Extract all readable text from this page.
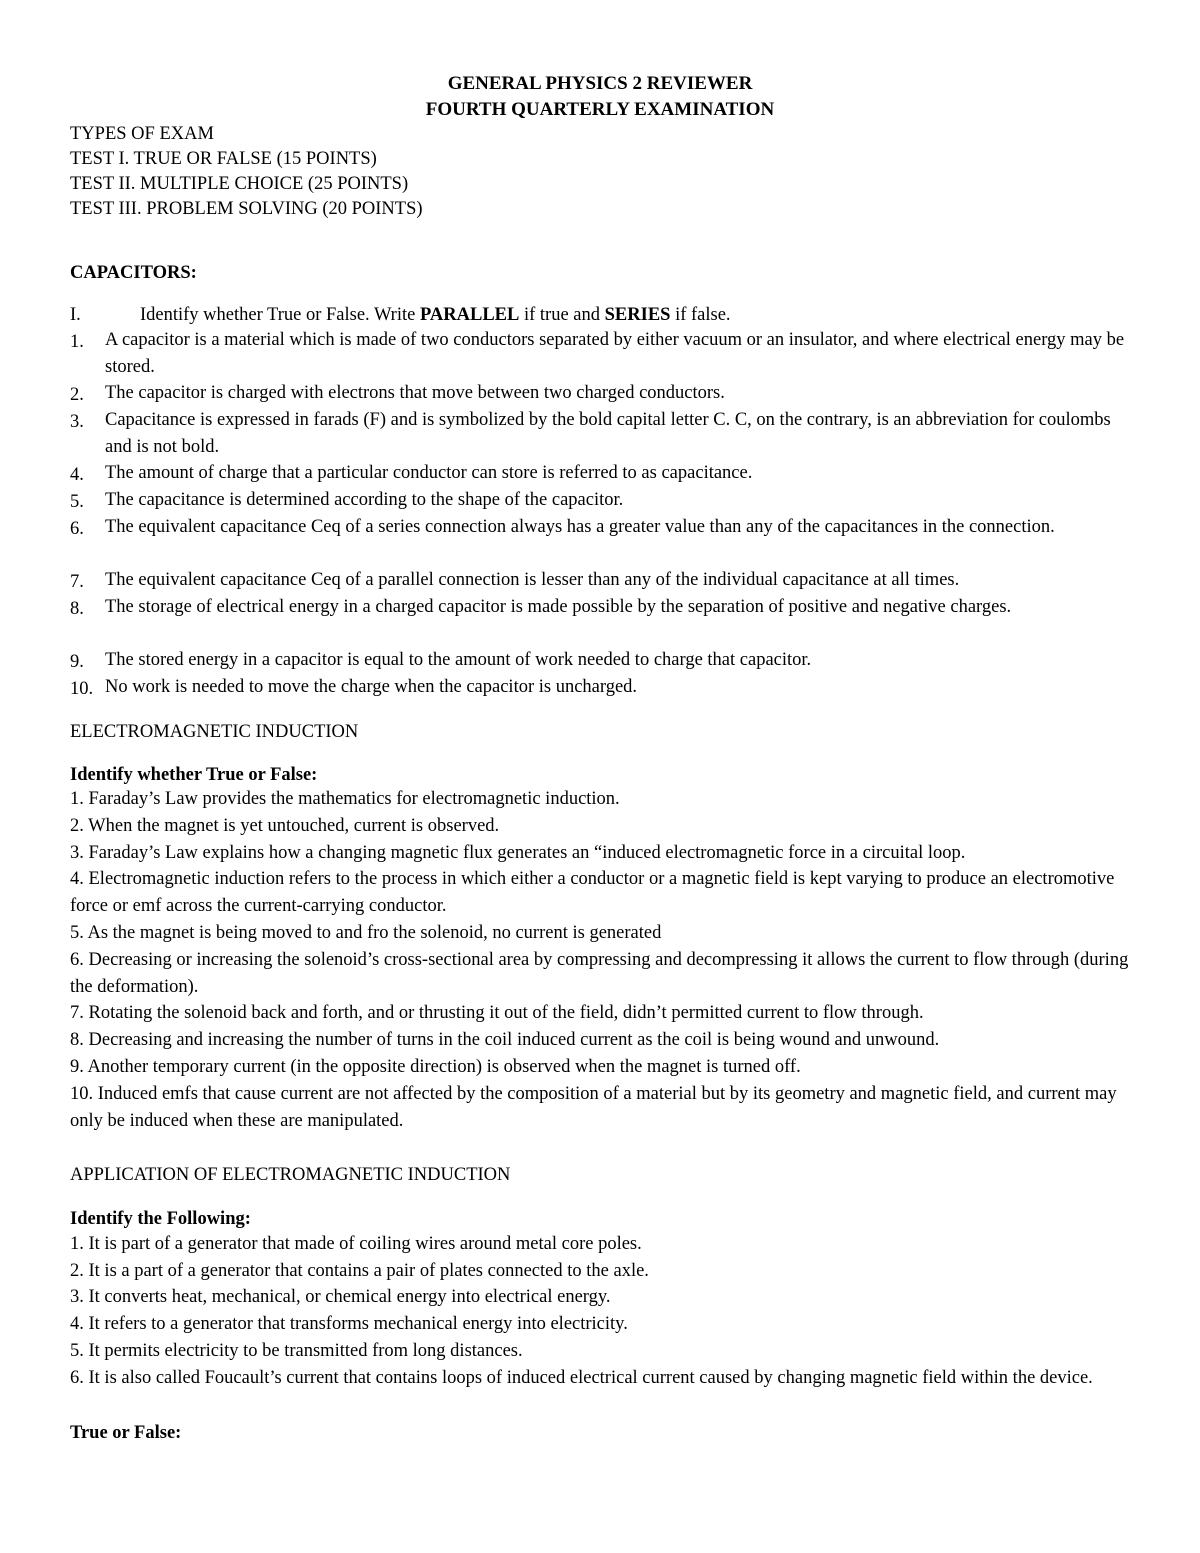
GENERAL PHYSICS 2 REVIEWER
FOURTH QUARTERLY EXAMINATION
TYPES OF EXAM
TEST I. TRUE OR FALSE (15 POINTS)
TEST II. MULTIPLE CHOICE (25 POINTS)
TEST III. PROBLEM SOLVING (20 POINTS)
CAPACITORS:
I.	Identify whether True or False. Write PARALLEL if true and SERIES if false.
1. A capacitor is a material which is made of two conductors separated by either vacuum or an insulator, and where electrical energy may be stored.
2. The capacitor is charged with electrons that move between two charged conductors.
3. Capacitance is expressed in farads (F) and is symbolized by the bold capital letter C. C, on the contrary, is an abbreviation for coulombs and is not bold.
4. The amount of charge that a particular conductor can store is referred to as capacitance.
5. The capacitance is determined according to the shape of the capacitor.
6. The equivalent capacitance Ceq of a series connection always has a greater value than any of the capacitances in the connection.
7. The equivalent capacitance Ceq of a parallel connection is lesser than any of the individual capacitance at all times.
8. The storage of electrical energy in a charged capacitor is made possible by the separation of positive and negative charges.
9. The stored energy in a capacitor is equal to the amount of work needed to charge that capacitor.
10. No work is needed to move the charge when the capacitor is uncharged.
ELECTROMAGNETIC INDUCTION
Identify whether True or False:
1. Faraday’s Law provides the mathematics for electromagnetic induction.
2. When the magnet is yet untouched, current is observed.
3. Faraday’s Law explains how a changing magnetic flux generates an “induced electromagnetic force in a circuital loop.
4. Electromagnetic induction refers to the process in which either a conductor or a magnetic field is kept varying to produce an electromotive force or emf across the current-carrying conductor.
5. As the magnet is being moved to and fro the solenoid, no current is generated
6. Decreasing or increasing the solenoid’s cross-sectional area by compressing and decompressing it allows the current to flow through (during the deformation).
7. Rotating the solenoid back and forth, and or thrusting it out of the field, didn’t permitted current to flow through.
8. Decreasing and increasing the number of turns in the coil induced current as the coil is being wound and unwound.
9. Another temporary current (in the opposite direction) is observed when the magnet is turned off.
10. Induced emfs that cause current are not affected by the composition of a material but by its geometry and magnetic field, and current may only be induced when these are manipulated.
APPLICATION OF ELECTROMAGNETIC INDUCTION
Identify the Following:
1. It is part of a generator that made of coiling wires around metal core poles.
2. It is a part of a generator that contains a pair of plates connected to the axle.
3. It converts heat, mechanical, or chemical energy into electrical energy.
4. It refers to a generator that transforms mechanical energy into electricity.
5. It permits electricity to be transmitted from long distances.
6. It is also called Foucault’s current that contains loops of induced electrical current caused by changing magnetic field within the device.
True or False:
